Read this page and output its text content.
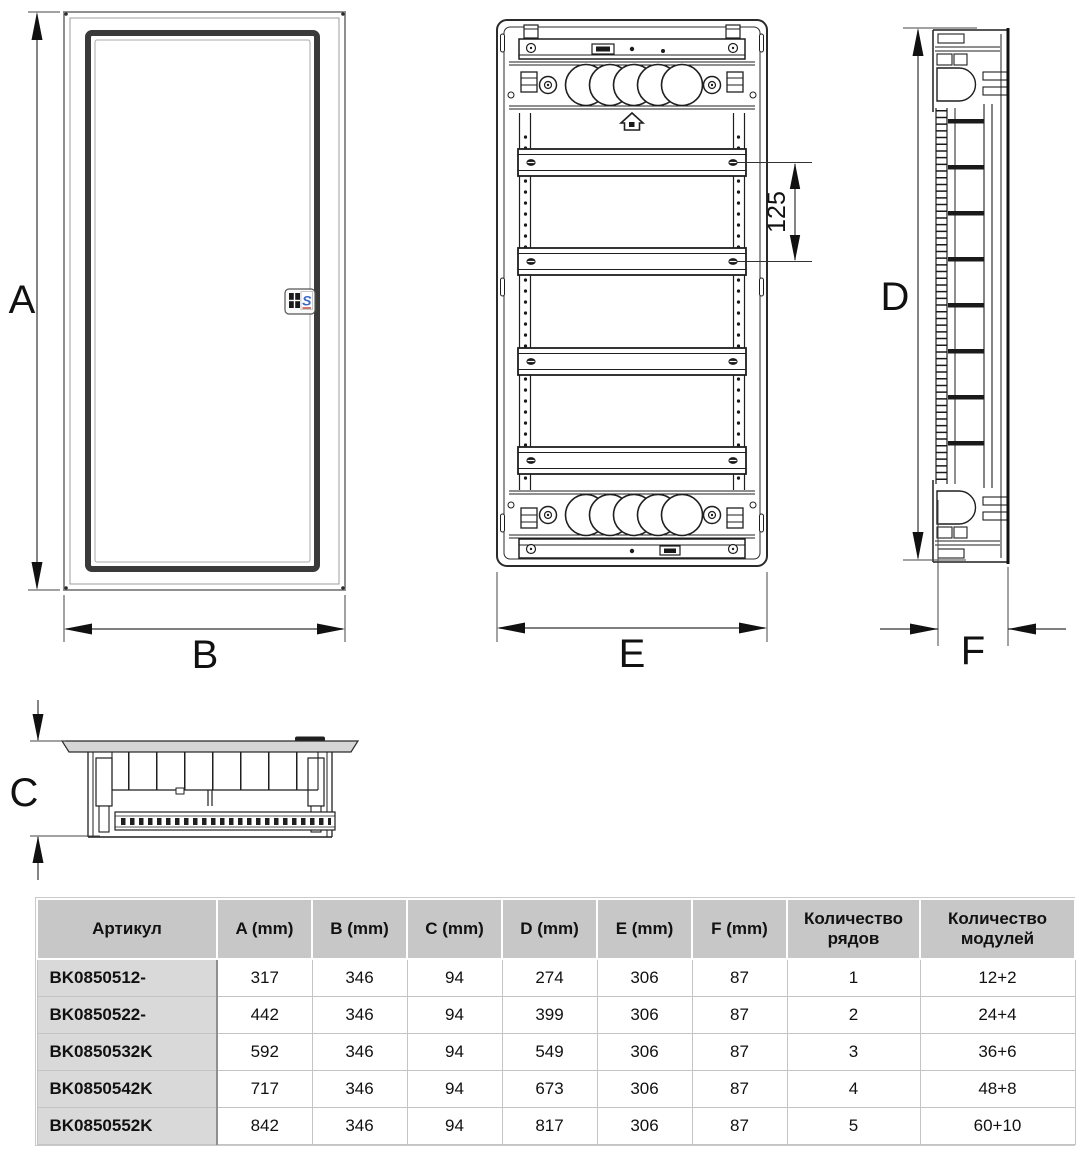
S
A
B
125
E
D
F
C
Артикул	A (mm)	B (mm)	C (mm)	D (mm)	E (mm)	F (mm)	Количество рядов	Количество модулей
BK0850512-	317	346	94	274	306	87	1	12+2
BK0850522-	442	346	94	399	306	87	2	24+4
BK0850532K	592	346	94	549	306	87	3	36+6
BK0850542K	717	346	94	673	306	87	4	48+8
BK0850552K	842	346	94	817	306	87	5	60+10
